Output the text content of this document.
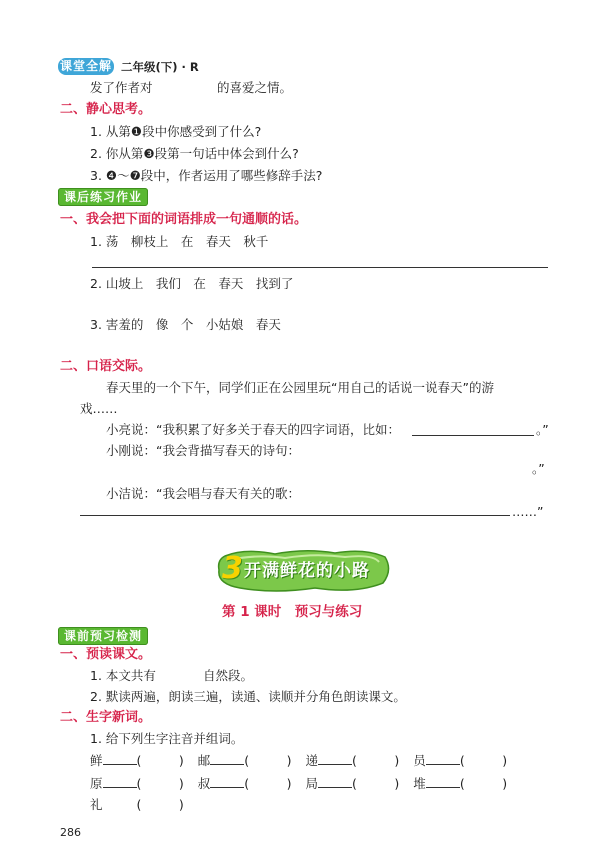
课堂全解 二年级(下) · R
发了作者对	的喜爱之情。
二、静心思考。
1. 从第❶段中你感受到了什么?
2. 你从第❸段第一句话中体会到什么?
3. ❹～❼段中，作者运用了哪些修辞手法?
课后练习作业
一、我会把下面的词语排成一句通顺的话。
1. 荡　柳枝上　在　春天　秋千
2. 山坡上　我们　在　春天　找到了
3. 害羞的　像　个　小姑娘　春天
二、口语交际。
春天里的一个下午，同学们正在公园里玩“用自己的话说一说春天”的游
戏……
小亮说：“我积累了好多关于春天的四字词语，比如：	。”
小刚说：“我会背描写春天的诗句：
。”
小洁说：“我会唱与春天有关的歌：
……”
3 开满鲜花的小路
第 1 课时　预习与练习
课前预习检测
一、预读课文。
1. 本文共有	自然段。
2. 默读两遍，朗读三遍，读通、读顺并分角色朗读课文。
二、生字新词。
1. 给下列生字注音并组词。
鲜	(　　　) 邮	(　　　) 递	(　　　) 员	(　　　)
原	(　　　) 叔	(　　　) 局	(　　　) 堆	(　　　)
礼	(　　　)
286
